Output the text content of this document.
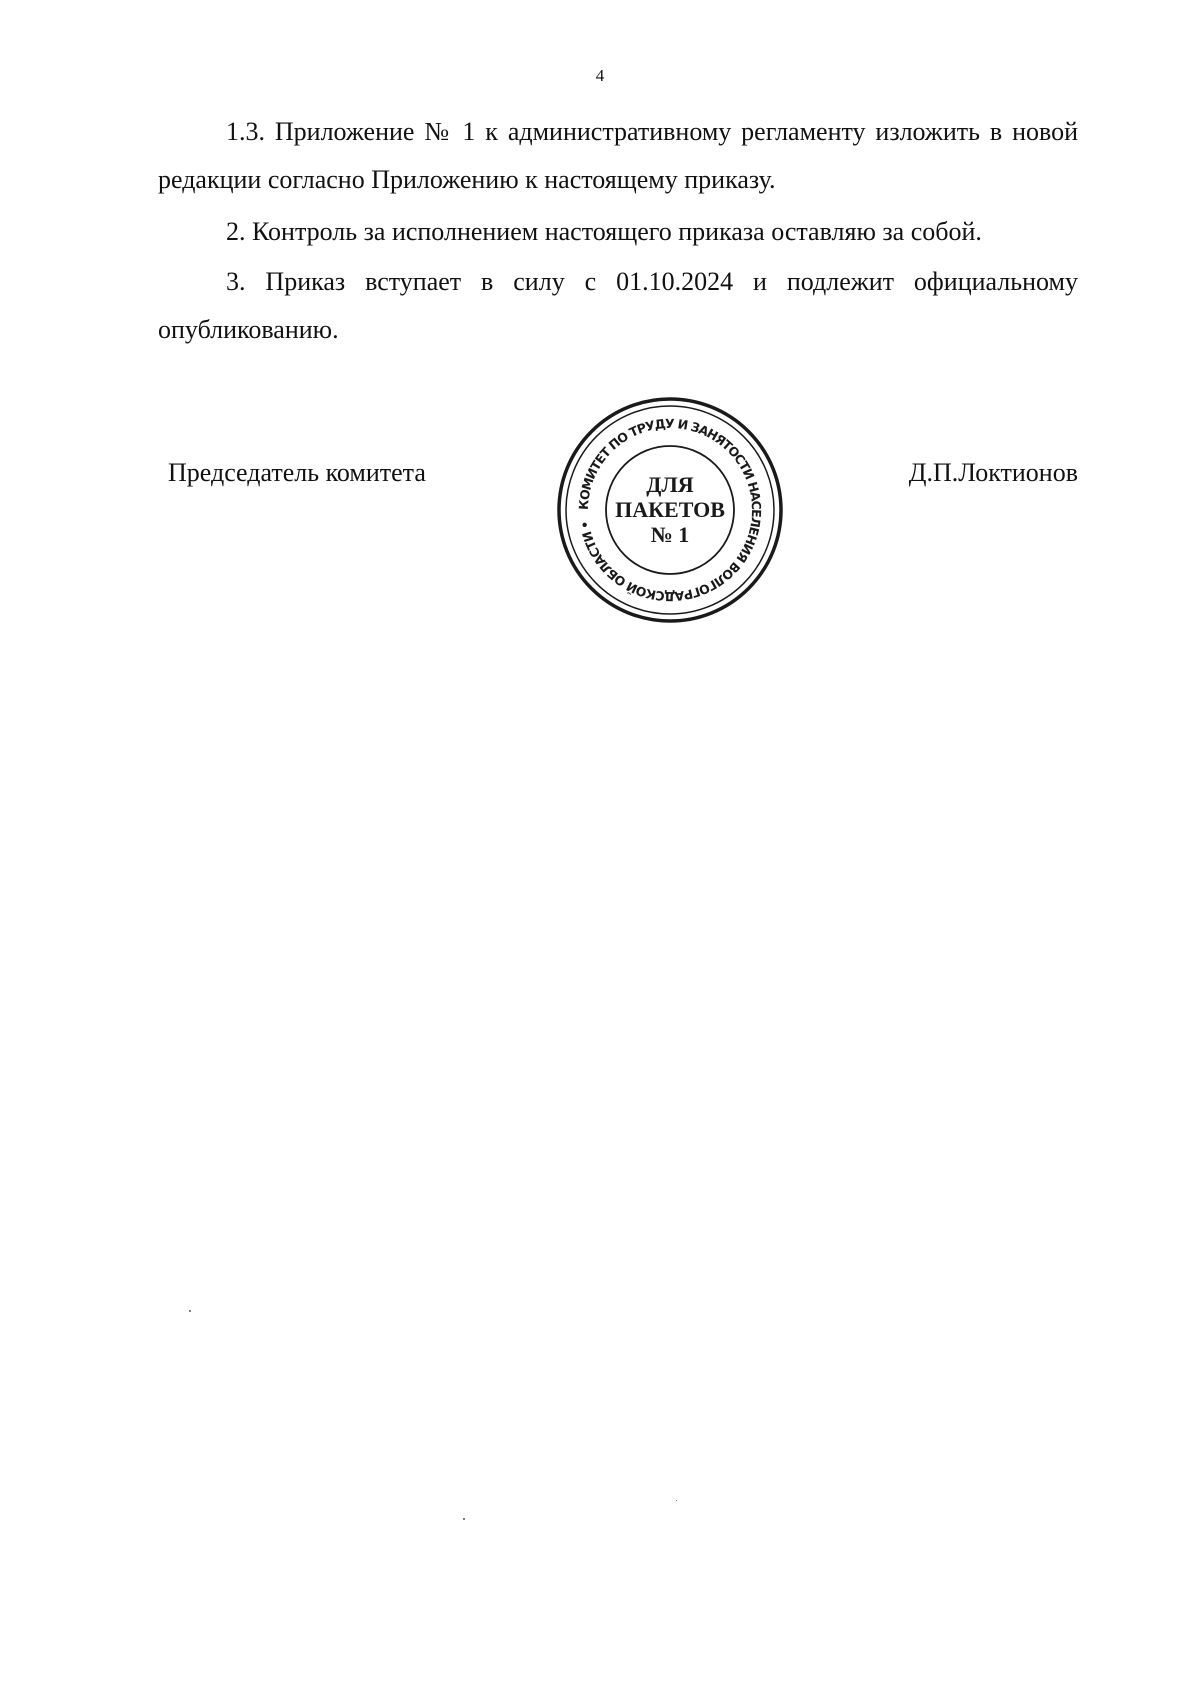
4

1.3. Приложение № 1 к административному регламенту изложить в новой редакции согласно Приложению к настоящему приказу.

2. Контроль за исполнением настоящего приказа оставляю за собой.

3. Приказ вступает в силу с 01.10.2024 и подлежит официальному опубликованию.

Председатель комитета
КОМИТЕТ ПО ТРУДУ И ЗАНЯТОСТИ НАСЕЛЕНИЯ ВОЛГОГРАДСКОЙ ОБЛАСТИ •
ДЛЯ
ПАКЕТОВ
№ 1
Д.П.Локтионов
